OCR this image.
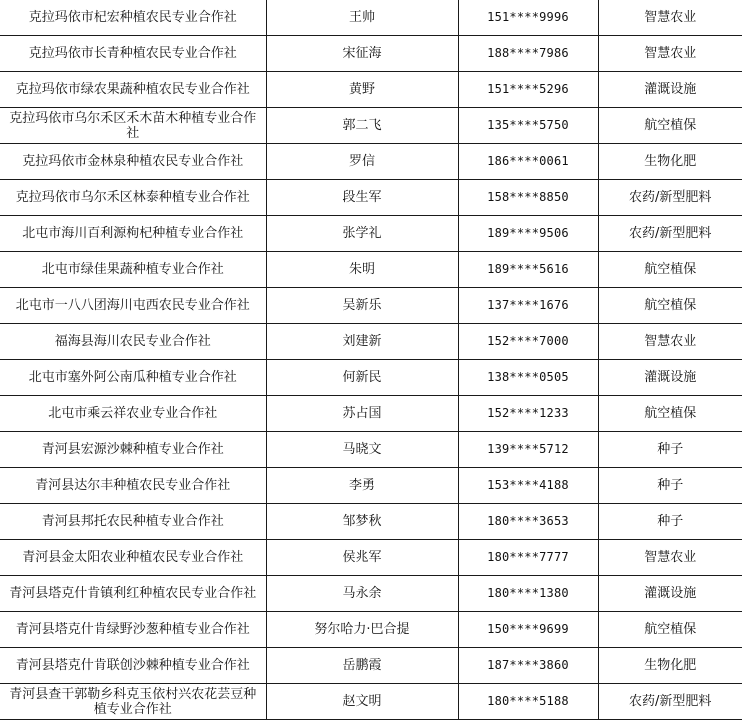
克拉玛依市杞宏种植农民专业合作社	王帅	151****9996	智慧农业
克拉玛依市长青种植农民专业合作社	宋征海	188****7986	智慧农业
克拉玛依市绿农果蔬种植农民专业合作社	黄野	151****5296	灌溉设施
克拉玛依市乌尔禾区禾木苗木种植专业合作社	郭二飞	135****5750	航空植保
克拉玛依市金林泉种植农民专业合作社	罗信	186****0061	生物化肥
克拉玛依市乌尔禾区林泰种植专业合作社	段生军	158****8850	农药/新型肥料
北屯市海川百利源枸杞种植专业合作社	张学礼	189****9506	农药/新型肥料
北屯市绿佳果蔬种植专业合作社	朱明	189****5616	航空植保
北屯市一八八团海川屯西农民专业合作社	吴新乐	137****1676	航空植保
福海县海川农民专业合作社	刘建新	152****7000	智慧农业
北屯市塞外阿公南瓜种植专业合作社	何新民	138****0505	灌溉设施
北屯市乘云祥农业专业合作社	苏占国	152****1233	航空植保
青河县宏源沙棘种植专业合作社	马晓文	139****5712	种子
青河县达尔丰种植农民专业合作社	李勇	153****4188	种子
青河县邦托农民种植专业合作社	邹梦秋	180****3653	种子
青河县金太阳农业种植农民专业合作社	侯兆军	180****7777	智慧农业
青河县塔克什肯镇利红种植农民专业合作社	马永余	180****1380	灌溉设施
青河县塔克什肯绿野沙葱种植专业合作社	努尔哈力·巴合提	150****9699	航空植保
青河县塔克什肯联创沙棘种植专业合作社	岳鹏霞	187****3860	生物化肥
青河县查干郭勒乡科克玉依村兴农花芸豆种植专业合作社	赵文明	180****5188	农药/新型肥料
